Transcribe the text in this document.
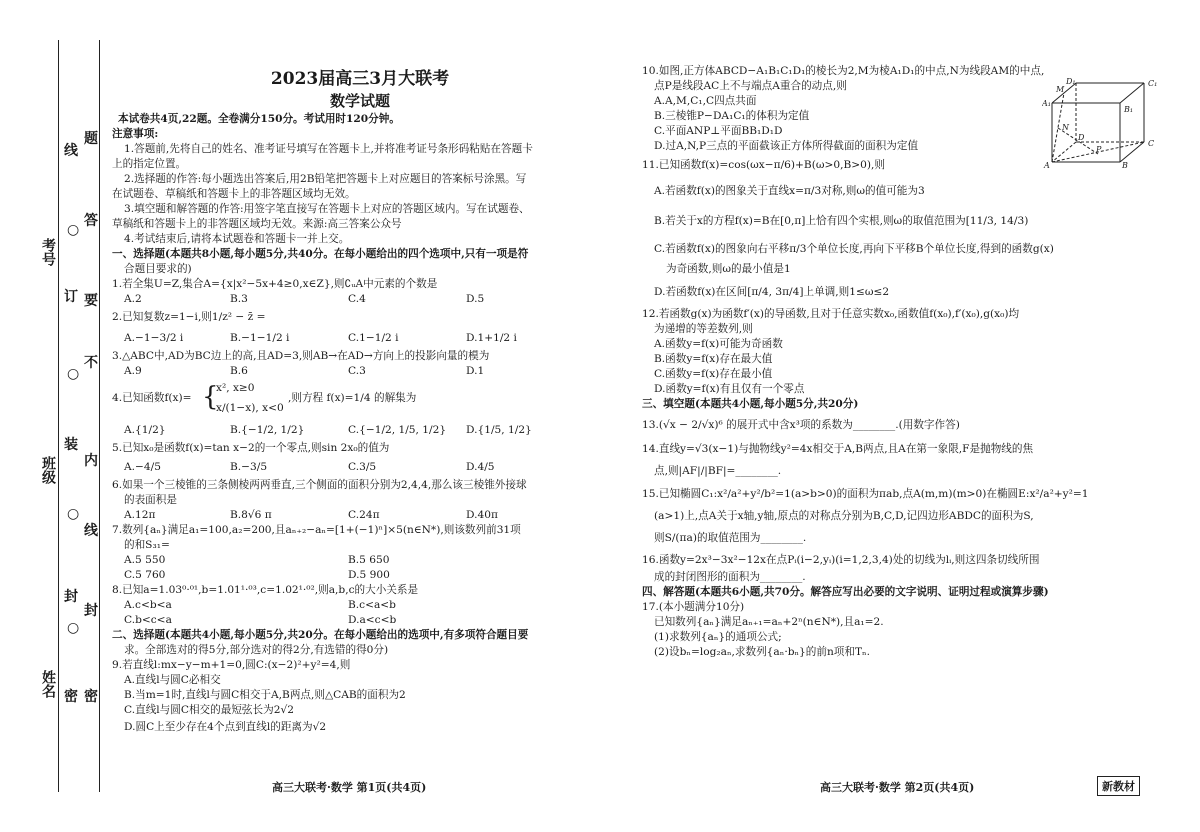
考号
班级
姓名
题
答
要
不
内
线
封
密
线
订
装
封
密
○
○
○
○

2023届高三3月大联考

数学试题

本试卷共4页,22题。全卷满分150分。考试用时120分钟。

注意事项:

1.答题前,先将自己的姓名、准考证号填写在答题卡上,并将准考证号条形码粘贴在答题卡

上的指定位置。

2.选择题的作答:每小题选出答案后,用2B铅笔把答题卡上对应题目的答案标号涂黑。写

在试题卷、草稿纸和答题卡上的非答题区域均无效。

3.填空题和解答题的作答:用签字笔直接写在答题卡上对应的答题区域内。写在试题卷、

草稿纸和答题卡上的非答题区域均无效。来源:高三答案公众号

4.考试结束后,请将本试题卷和答题卡一并上交。

一、选择题(本题共8小题,每小题5分,共40分。在每小题给出的四个选项中,只有一项是符

合题目要求的)

1.若全集U=Z,集合A={x|x²−5x+4≥0,x∈Z},则∁ᵤA中元素的个数是

A.2	B.3	C.4	D.5

2.已知复数z=1−i,则1/z² − z̄ =

A.−1−3/2 i	B.−1−1/2 i	C.1−1/2 i	D.1+1/2 i

3.△ABC中,AD为BC边上的高,且AD=3,则AB→在AD→方向上的投影向量的模为

A.9	B.6	C.3	D.1
4.已知函数f(x)= {
x², x≥0
x/(1−x), x<0
,则方程 f(x)=1/4 的解集为
A.{1/2}	B.{−1/2, 1/2}	C.{−1/2, 1/5, 1/2} D.{1/5, 1/2}

5.已知x₀是函数f(x)=tan x−2的一个零点,则sin 2x₀的值为

A.−4/5	B.−3/5	C.3/5	D.4/5

6.如果一个三棱锥的三条侧棱两两垂直,三个侧面的面积分别为2,4,4,那么该三棱锥外接球

的表面积是

A.12π	B.8√6 π	C.24π	D.40π

7.数列{aₙ}满足a₁=100,a₂=200,且aₙ₊₂−aₙ=[1+(−1)ⁿ]×5(n∈N*),则该数列前31项

的和S₃₁=

A.5 550	B.5 650
C.5 760	D.5 900

8.已知a=1.03⁰·⁰¹,b=1.01¹·⁰³,c=1.02¹·⁰²,则a,b,c的大小关系是

A.c<b<a	B.c<a<b
C.b<c<a	D.a<c<b

二、选择题(本题共4小题,每小题5分,共20分。在每小题给出的选项中,有多项符合题目要

求。全部选对的得5分,部分选对的得2分,有选错的得0分)

9.若直线l:mx−y−m+1=0,圆C:(x−2)²+y²=4,则

A.直线l与圆C必相交

B.当m=1时,直线l与圆C相交于A,B两点,则△CAB的面积为2

C.直线l与圆C相交的最短弦长为2√2

D.圆C上至少存在4个点到直线l的距离为√2

高三大联考·数学 第1页(共4页)

10.如图,正方体ABCD−A₁B₁C₁D₁的棱长为2,M为棱A₁D₁的中点,N为线段AM的中点,

点P是线段AC上不与端点A重合的动点,则

A.A,M,C₁,C四点共面

B.三棱锥P−DA₁C₁的体积为定值

C.平面ANP⊥平面BB₁D₁D

D.过A,N,P三点的平面截该正方体所得截面的面积为定值

11.已知函数f(x)=cos(ωx−π/6)+B(ω>0,B>0),则

A.若函数f(x)的图象关于直线x=π/3对称,则ω的值可能为3

B.若关于x的方程f(x)=B在[0,π]上恰有四个实根,则ω的取值范围为[11/3, 14/3)

C.若函数f(x)的图象向右平移π/3个单位长度,再向下平移B个单位长度,得到的函数g(x)

为奇函数,则ω的最小值是1

D.若函数f(x)在区间[π/4, 3π/4]上单调,则1≤ω≤2

12.若函数g(x)为函数f′(x)的导函数,且对于任意实数x₀,函数值f(x₀),f′(x₀),g(x₀)均

为递增的等差数列,则

A.函数y=f(x)可能为奇函数

B.函数y=f(x)存在最大值

C.函数y=f(x)存在最小值

D.函数y=f(x)有且仅有一个零点

三、填空题(本题共4小题,每小题5分,共20分)

13.(√x − 2/√x)⁶ 的展开式中含x³项的系数为________.(用数字作答)

14.直线y=√3(x−1)与抛物线y²=4x相交于A,B两点,且A在第一象限,F是抛物线的焦

点,则|AF|/|BF|=________.

15.已知椭圆C₁:x²/a²+y²/b²=1(a>b>0)的面积为πab,点A(m,m)(m>0)在椭圆E:x²/a²+y²=1

(a>1)上,点A关于x轴,y轴,原点的对称点分别为B,C,D,记四边形ABDC的面积为S,

则S/(πa)的取值范围为________.

16.函数y=2x³−3x²−12x在点Pᵢ(i−2,yᵢ)(i=1,2,3,4)处的切线为lᵢ,则这四条切线所围

成的封闭图形的面积为________.

四、解答题(本题共6小题,共70分。解答应写出必要的文字说明、证明过程或演算步骤)

17.(本小题满分10分)

已知数列{aₙ}满足aₙ₊₁=aₙ+2ⁿ(n∈N*),且a₁=2.

(1)求数列{aₙ}的通项公式;

(2)设bₙ=log₂aₙ,求数列{aₙ·bₙ}的前n项和Tₙ.

D₁	C₁
A₁
B₁
M
N
D
C
A
P
B
高三大联考·数学 第2页(共4页)	新教材
